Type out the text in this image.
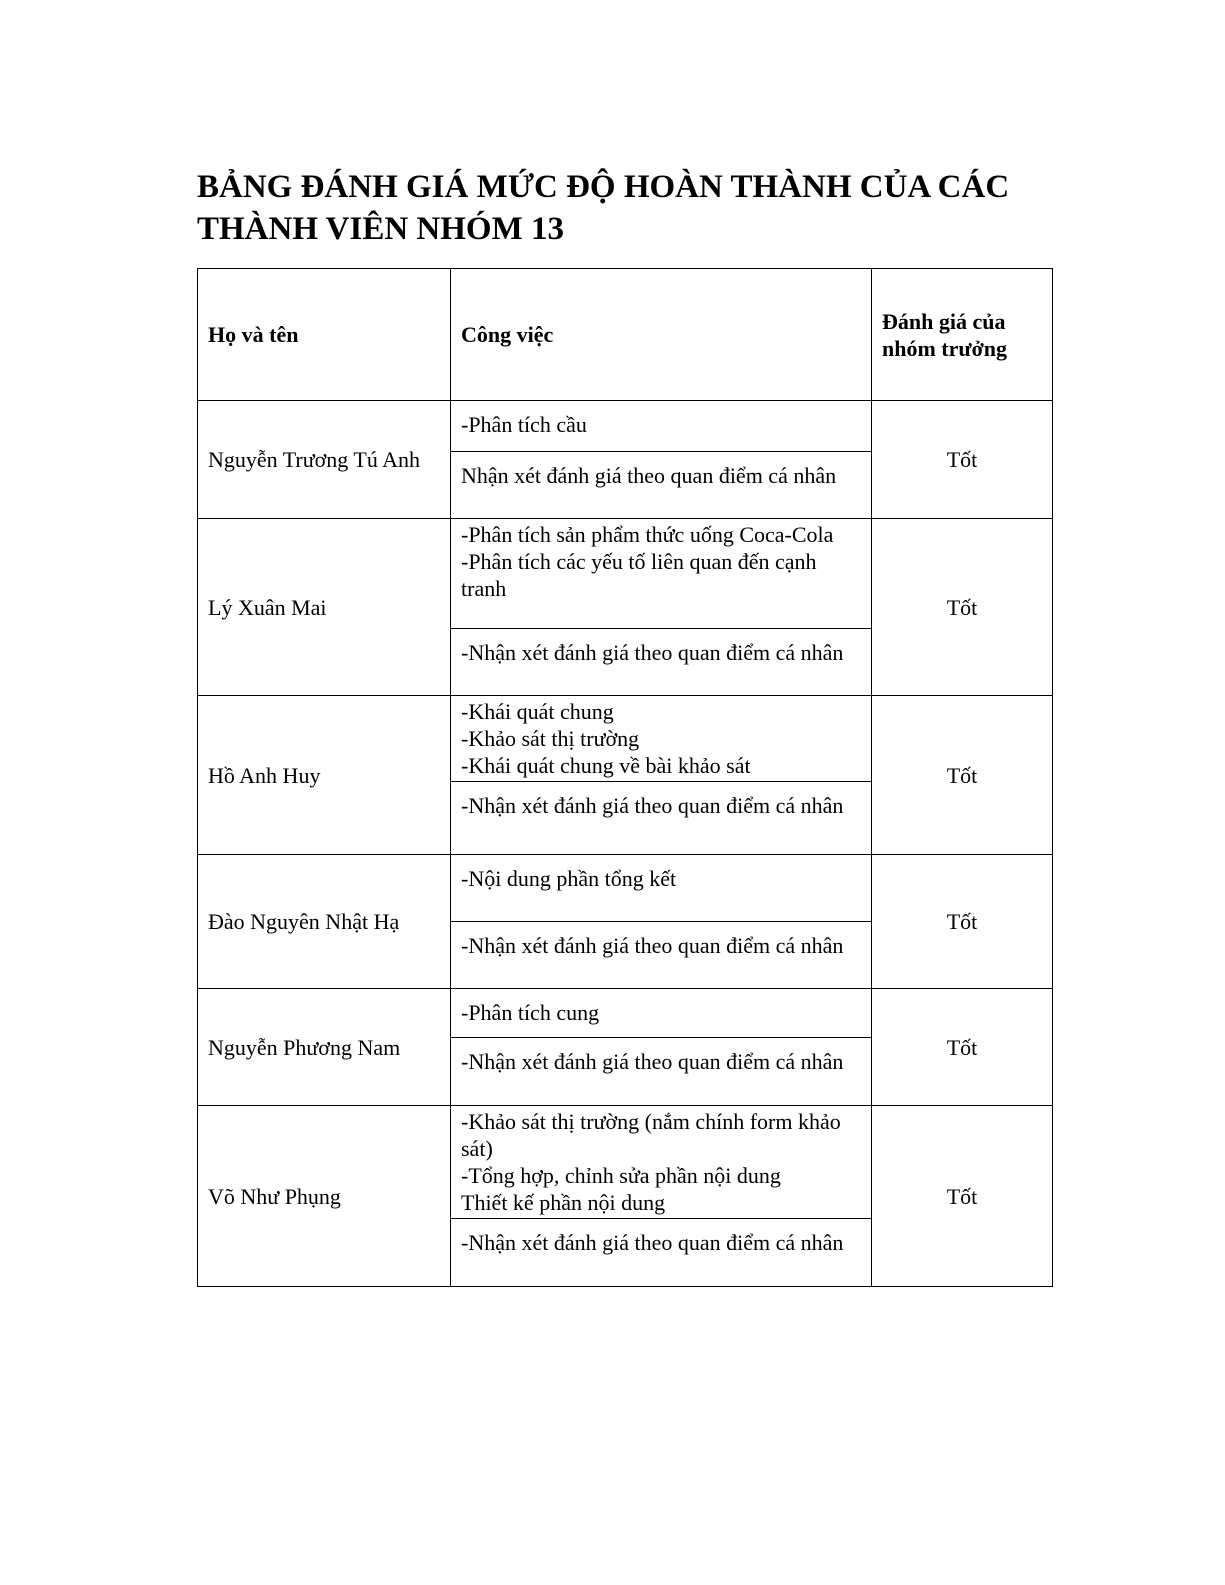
BẢNG ĐÁNH GIÁ MỨC ĐỘ HOÀN THÀNH CỦA CÁC THÀNH VIÊN NHÓM 13
Họ và tên	Công việc	Đánh giá của nhóm trưởng
Nguyễn Trương Tú Anh	-Phân tích cầu	Tốt

	Nhận xét đánh giá theo quan điểm cá nhân	

Lý Xuân Mai	-Phân tích sản phẩm thức uống Coca-Cola
-Phân tích các yếu tố liên quan đến cạnh tranh	Tốt

	-Nhận xét đánh giá theo quan điểm cá nhân	

Hồ Anh Huy	-Khái quát chung
-Khảo sát thị trường
-Khái quát chung về bài khảo sát	Tốt

	-Nhận xét đánh giá theo quan điểm cá nhân	

Đào Nguyên Nhật Hạ	-Nội dung phần tổng kết	Tốt

	-Nhận xét đánh giá theo quan điểm cá nhân	

Nguyễn Phương Nam	-Phân tích cung	Tốt

	-Nhận xét đánh giá theo quan điểm cá nhân	

Võ Như Phụng	-Khảo sát thị trường (nắm chính form khảo sát)
-Tổng hợp, chỉnh sửa phần nội dung
Thiết kế phần nội dung	Tốt

	-Nhận xét đánh giá theo quan điểm cá nhân	
